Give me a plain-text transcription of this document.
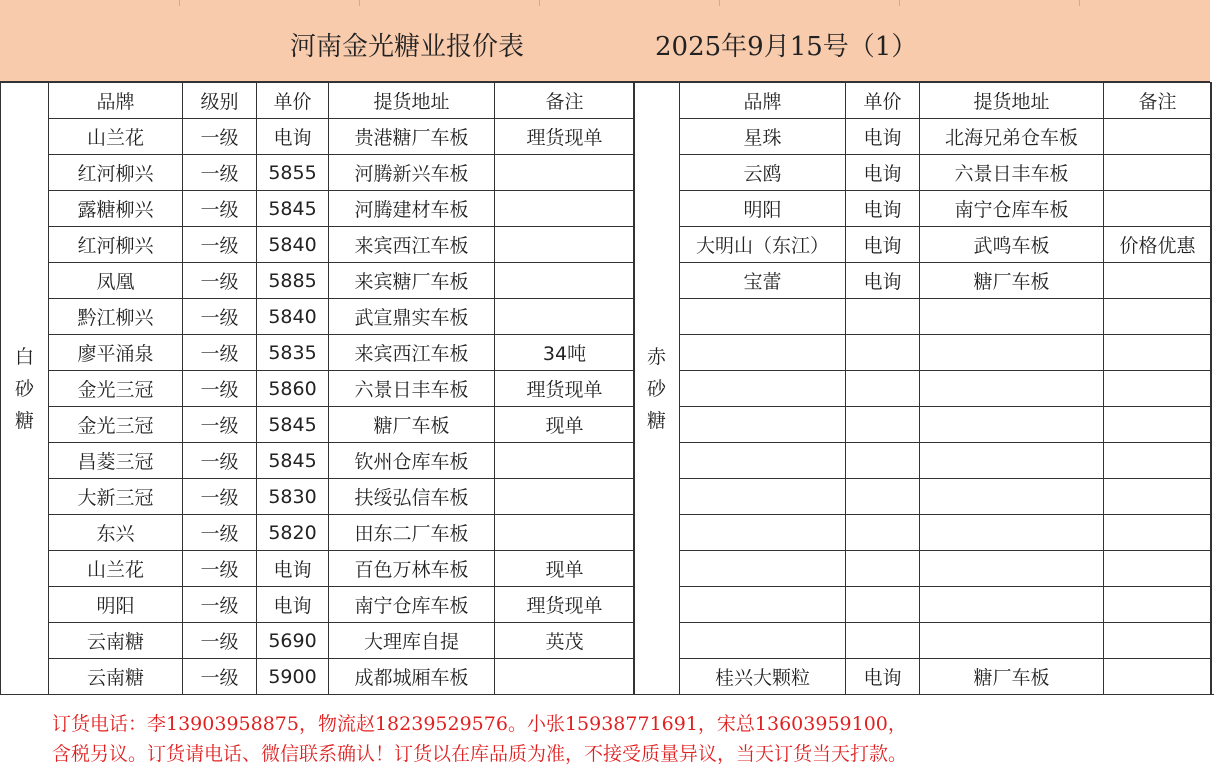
河南金光糖业报价表	2025年9月15号（1）
白
砂
糖	品牌	级别	单价	提货地址	备注
	山兰花	一级	电询	贵港糖厂车板	理货现单
	红河柳兴	一级	5855	河腾新兴车板	
	露糖柳兴	一级	5845	河腾建材车板	
	红河柳兴	一级	5840	来宾西江车板	
	凤凰	一级	5885	来宾糖厂车板	
	黔江柳兴	一级	5840	武宣鼎实车板	
	廖平涌泉	一级	5835	来宾西江车板	34吨
	金光三冠	一级	5860	六景日丰车板	理货现单
	金光三冠	一级	5845	糖厂车板	现单
	昌菱三冠	一级	5845	钦州仓库车板	
	大新三冠	一级	5830	扶绥弘信车板	
	东兴	一级	5820	田东二厂车板	
	山兰花	一级	电询	百色万林车板	现单
	明阳	一级	电询	南宁仓库车板	理货现单
	云南糖	一级	5690	大理库自提	英茂
	云南糖	一级	5900	成都城厢车板	
赤
砂
糖	品牌	单价	提货地址	备注
	星珠	电询	北海兄弟仓车板	
	云鸥	电询	六景日丰车板	
	明阳	电询	南宁仓库车板	
	大明山（东江）	电询	武鸣车板	价格优惠
	宝蕾	电询	糖厂车板	

	桂兴大颗粒	电询	糖厂车板	
订货电话：李13903958875，物流赵18239529576。小张15938771691，宋总13603959100，
含税另议。订货请电话、微信联系确认！订货以在库品质为准，不接受质量异议，当天订货当天打款。
